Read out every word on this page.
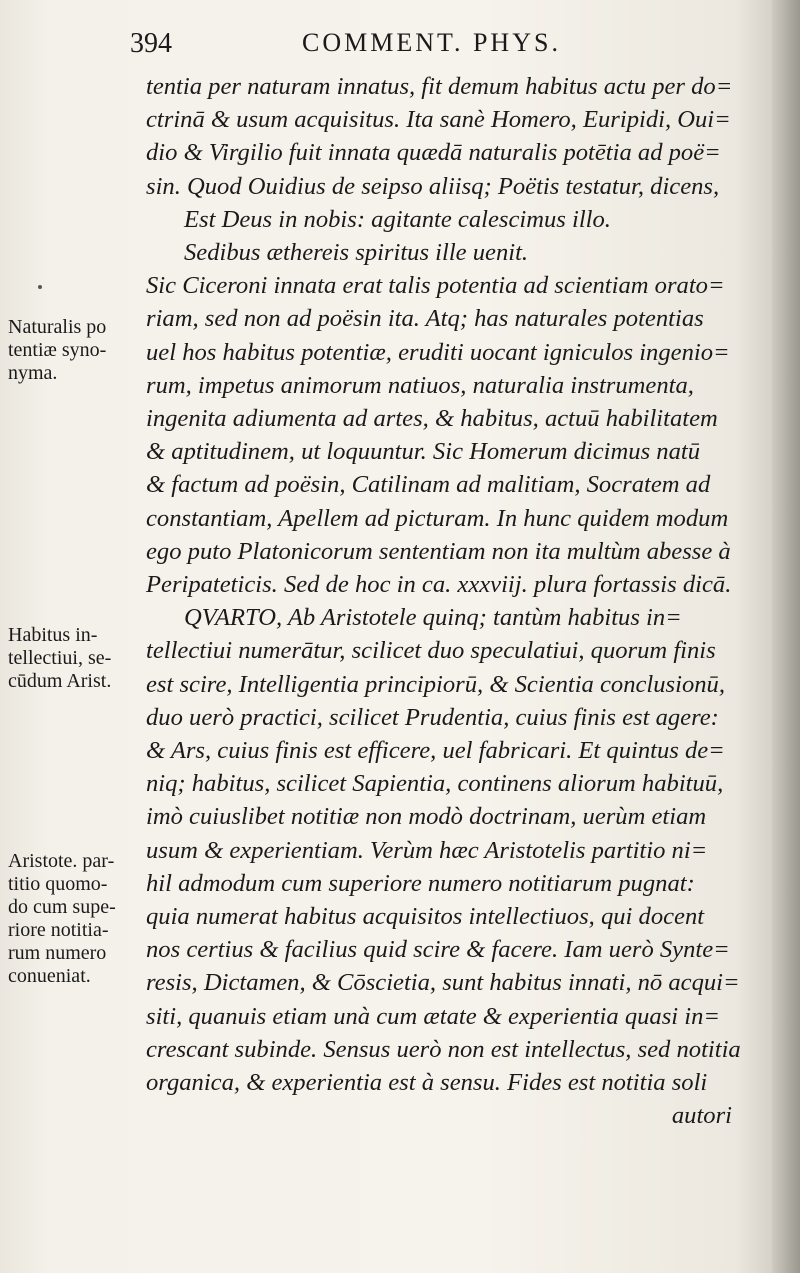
394	COMMENT. PHYS.
tentia per naturam innatus, fit demum habitus actu per do=
ctrinā & usum acquisitus. Ita sanè Homero, Euripidi, Oui=
dio & Virgilio fuit innata quædā naturalis potētia ad poë=
sin. Quod Ouidius de seipso aliisq; Poëtis testatur, dicens,
Est Deus in nobis: agitante calescimus illo.
Sedibus æthereis spiritus ille uenit.
Sic Ciceroni innata erat talis potentia ad scientiam orato=
riam, sed non ad poësin ita. Atq; has naturales potentias
uel hos habitus potentiæ, eruditi uocant igniculos ingenio=
rum, impetus animorum natiuos, naturalia instrumenta,
ingenita adiumenta ad artes, & habitus, actuū habilitatem
& aptitudinem, ut loquuntur. Sic Homerum dicimus natū
& factum ad poësin, Catilinam ad malitiam, Socratem ad
constantiam, Apellem ad picturam. In hunc quidem modum
ego puto Platonicorum sententiam non ita multùm abesse à
Peripateticis. Sed de hoc in ca. xxxviij. plura fortassis dicā.
QVARTO, Ab Aristotele quinq; tantùm habitus in=
tellectiui numerātur, scilicet duo speculatiui, quorum finis
est scire, Intelligentia principiorū, & Scientia conclusionū,
duo uerò practici, scilicet Prudentia, cuius finis est agere:
& Ars, cuius finis est efficere, uel fabricari. Et quintus de=
niq; habitus, scilicet Sapientia, continens aliorum habituū,
imò cuiuslibet notitiæ non modò doctrinam, uerùm etiam
usum & experientiam. Verùm hæc Aristotelis partitio ni=
hil admodum cum superiore numero notitiarum pugnat:
quia numerat habitus acquisitos intellectiuos, qui docent
nos certius & facilius quid scire & facere. Iam uerò Synte=
resis, Dictamen, & Cōscietia, sunt habitus innati, nō acqui=
siti, quanuis etiam unà cum ætate & experientia quasi in=
crescant subinde. Sensus uerò non est intellectus, sed notitia
organica, & experientia est à sensu. Fides est notitia soli
autori
Naturalis po
tentiæ syno-
nyma.
Habitus in-
tellectiui, se-
cūdum Arist.
Aristote. par-
titio quomo-
do cum supe-
riore notitia-
rum numero
conueniat.
